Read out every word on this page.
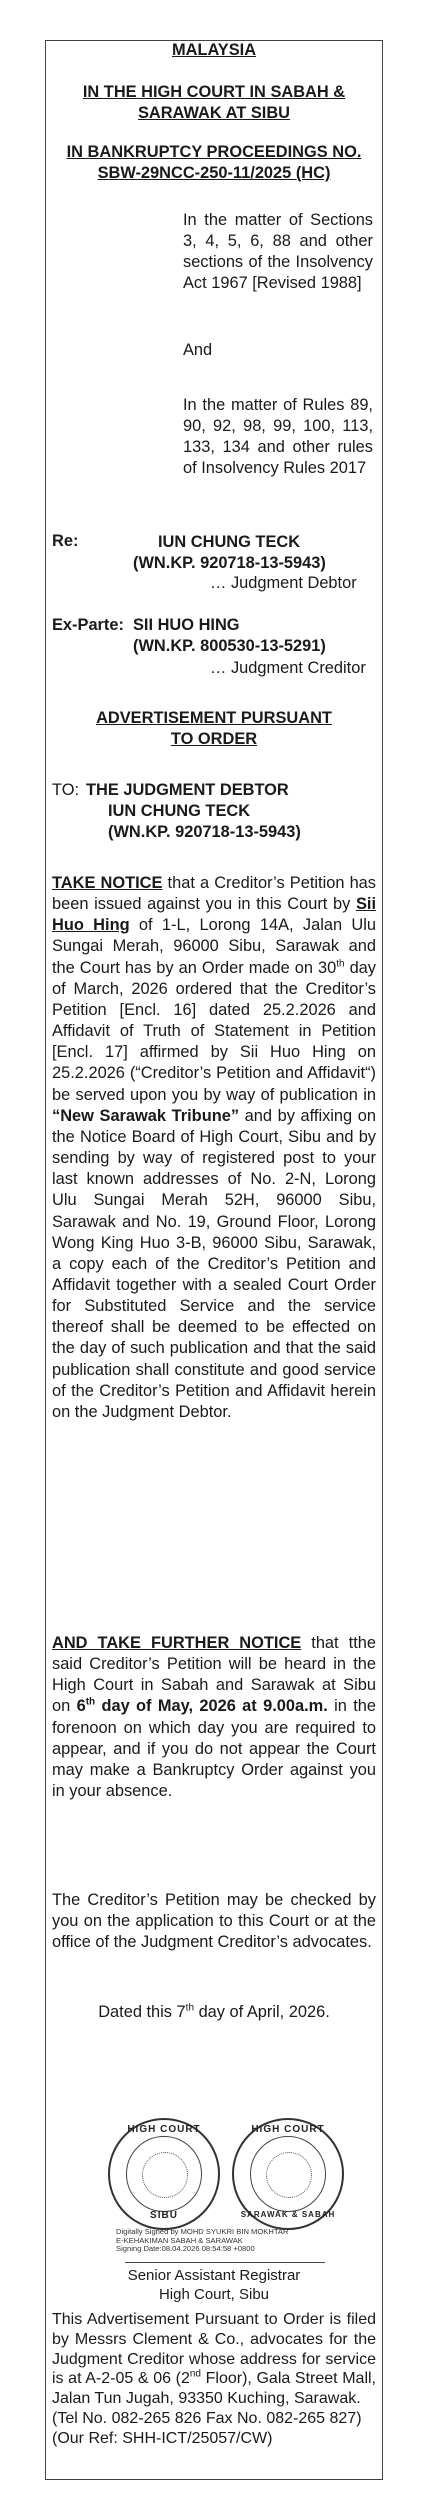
MALAYSIA

IN THE HIGH COURT IN SABAH &

SARAWAK AT SIBU

IN BANKRUPTCY PROCEEDINGS NO.

SBW-29NCC-250-11/2025 (HC)

In the matter of Sections 3, 4, 5, 6, 88 and other sections of the Insolvency Act 1967 [Revised 1988]
And
In the matter of Rules 89, 90, 92, 98, 99, 100, 113, 133, 134 and other rules of Insolvency Rules 2017
Re:	IUN CHUNG TECK

(WN.KP. 920718-13-5943)

… Judgment Debtor
Ex-Parte: SII HUO HING
(WN.KP. 800530-13-5291)
… Judgment Creditor

ADVERTISEMENT PURSUANT

TO ORDER

TO: THE JUDGMENT DEBTOR

IUN CHUNG TECK

(WN.KP. 920718-13-5943)

TAKE NOTICE that a Creditor’s Petition has been issued against you in this Court by Sii Huo Hing of 1-L, Lorong 14A, Jalan Ulu Sungai Merah, 96000 Sibu, Sarawak and the Court has by an Order made on 30th day of March, 2026 ordered that the Creditor’s Petition [Encl. 16] dated 25.2.2026 and Affidavit of Truth of Statement in Petition [Encl. 17] affirmed by Sii Huo Hing on 25.2.2026 (“Creditor’s Petition and Affidavit“) be served upon you by way of publication in “New Sarawak Tribune” and by affixing on the Notice Board of High Court, Sibu and by sending by way of registered post to your last known addresses of No. 2-N, Lorong Ulu Sungai Merah 52H, 96000 Sibu, Sarawak and No. 19, Ground Floor, Lorong Wong King Huo 3-B, 96000 Sibu, Sarawak, a copy each of the Creditor’s Petition and Affidavit together with a sealed Court Order for Substituted Service and the service thereof shall be deemed to be effected on the day of such publication and that the said publication shall constitute and good service of the Creditor’s Petition and Affidavit herein on the Judgment Debtor.
AND TAKE FURTHER NOTICE that tthe said Creditor’s Petition will be heard in the High Court in Sabah and Sarawak at Sibu on 6th day of May, 2026 at 9.00a.m. in the forenoon on which day you are required to appear, and if you do not appear the Court may make a Bankruptcy Order against you in your absence.
The Creditor’s Petition may be checked by you on the application to this Court or at the office of the Judgment Creditor’s advocates.
Dated this 7th day of April, 2026.
HIGH COURT
SIBU
HIGH COURT
SARAWAK & SABAH

Digitally Signed by MOHD SYUKRI BIN MOKHTAR

E-KEHAKIMAN SABAH & SARAWAK

Signing Date:08.04.2026 08:54:58 +0800

Senior Assistant Registrar

High Court, Sibu

This Advertisement Pursuant to Order is filed by Messrs Clement & Co., advocates for the Judgment Creditor whose address for service is at A-2-05 & 06 (2nd Floor), Gala Street Mall, Jalan Tun Jugah, 93350 Kuching, Sarawak.

(Tel No. 082-265 826 Fax No. 082-265 827)

(Our Ref: SHH-ICT/25057/CW)
